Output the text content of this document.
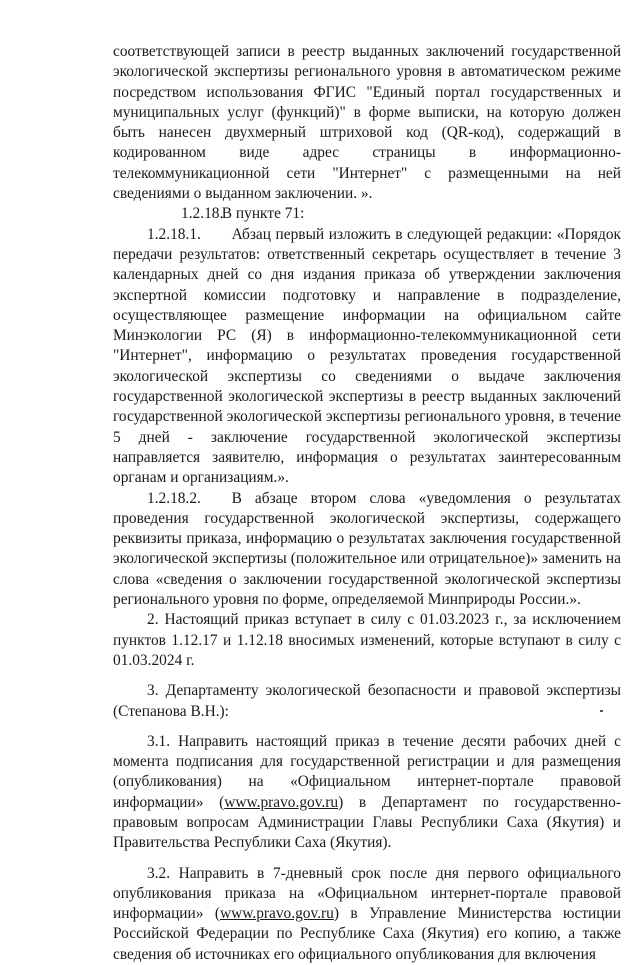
соответствующей записи в реестр выданных заключений государственной экологической экспертизы регионального уровня в автоматическом режиме посредством использования ФГИС "Единый портал государственных и муниципальных услуг (функций)" в форме выписки, на которую должен быть нанесен двухмерный штриховой код (QR-код), содержащий в кодированном виде адрес страницы в информационно-телекоммуникационной сети "Интернет" с размещенными на ней сведениями о выданном заключении. ».

1.2.18.  В пункте 71:

1.2.18.1.   Абзац первый изложить в следующей редакции: «Порядок передачи результатов: ответственный секретарь осуществляет в течение 3 календарных дней со дня издания приказа об утверждении заключения экспертной комиссии подготовку и направление в подразделение, осуществляющее размещение информации на официальном сайте Минэкологии РС (Я) в информационно-телекоммуникационной сети "Интернет", информацию о результатах проведения государственной экологической экспертизы со сведениями о выдаче заключения государственной экологической экспертизы в реестр выданных заключений государственной экологической экспертизы регионального уровня, в течение 5 дней - заключение государственной экологической экспертизы направляется заявителю, информация о результатах заинтересованным органам и организациям.».

1.2.18.2.   В абзаце втором слова «уведомления о результатах проведения государственной экологической экспертизы, содержащего реквизиты приказа, информацию о результатах заключения государственной экологической экспертизы (положительное или отрицательное)» заменить на слова «сведения о заключении государственной экологической экспертизы регионального уровня по форме, определяемой Минприроды России.».

2. Настоящий приказ вступает в силу с 01.03.2023 г., за исключением пунктов 1.12.17 и 1.12.18 вносимых изменений, которые вступают в силу с 01.03.2024 г.

3. Департаменту экологической безопасности и правовой экспертизы (Степанова В.Н.):

3.1. Направить настоящий приказ в течение десяти рабочих дней с момента подписания для государственной регистрации и для размещения (опубликования) на «Официальном интернет-портале правовой информации» (www.pravo.gov.ru) в Департамент по государственно-правовым вопросам Администрации Главы Республики Саха (Якутия) и Правительства Республики Саха (Якутия).

3.2. Направить в 7-дневный срок после дня первого официального опубликования приказа на «Официальном интернет-портале правовой информации» (www.pravo.gov.ru) в Управление Министерства юстиции Российской Федерации по Республике Саха (Якутия) его копию, а также сведения об источниках его официального опубликования для включения
